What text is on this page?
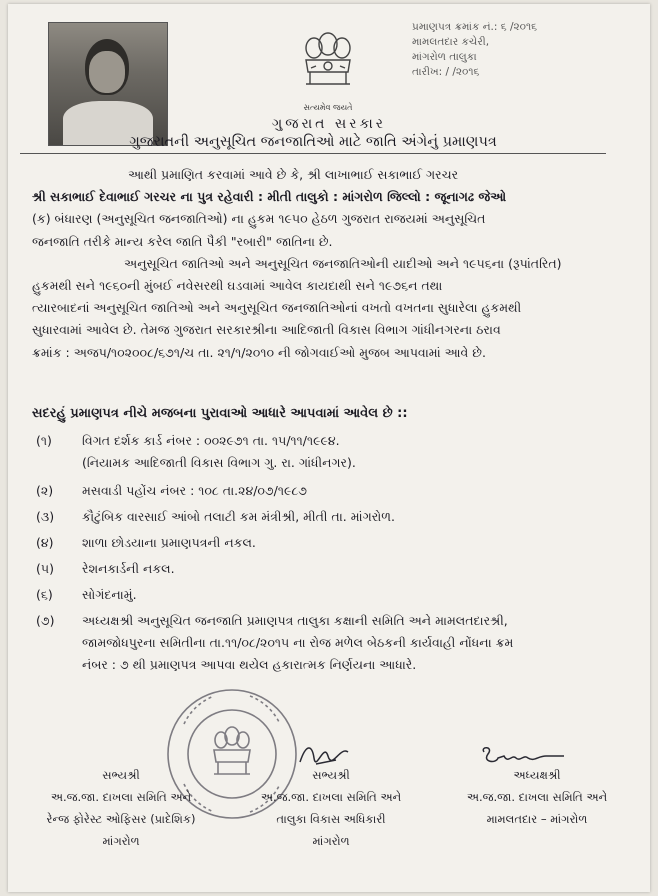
સત્યમેવ જયતે
પ્રમાણપત્ર ક્રમાંક નં.: ૬ /૨૦૧૬
મામલતદાર કચેરી,
માંગરોળ તાલુકા
તારીખ: / /૨૦૧૬
ગુજરાત સરકાર
ગુજરાતની અનુસૂચિત જનજાતિઓ માટે જાતિ અંગેનું પ્રમાણપત્ર
આથી પ્રમાણિત કરવામાં આવે છે કે, શ્રી લાખાભાઈ સકાભાઈ ગરચર
શ્રી સકાભાઈ દેવાભાઈ ગરચર ના પુત્ર રહેવારી : મીતી તાલુકો : માંગરોળ જિલ્લો : જૂનાગઢ જેઓ
(ક) બંધારણ (અનુસૂચિત જનજાતિઓ) ના હુકમ ૧૯૫૦ હેઠળ ગુજરાત રાજયમાં અનુસૂચિત
જનજાતિ તરીકે માન્ય કરેલ જાતિ પૈકી "રબારી" જાતિના છે.
અનુસૂચિત જાતિઓ અને અનુસૂચિત જનજાતિઓની યાદીઓ અને ૧૯૫૬ના (રૂપાંતરિત)
હુકમથી સને ૧૯૬૦ની મુંબઈ નવેસરથી ઘડવામાં આવેલ કાયદાથી સને ૧૯૭૬ન તથા
ત્યારબાદનાં અનુસૂચિત જાતિઓ અને અનુસૂચિત જનજાતિઓનાં વખતો વખતના સુધારેલા હુકમથી
સુધારવામાં આવેલ છે. તેમજ ગુજરાત સરકારશ્રીના આદિજાતી વિકાસ વિભાગ ગાંધીનગરના ઠરાવ
ક્રમાંક : અજપ/૧૦૨૦૦૮/૬૭૧/ચ તા. ૨૧/૧/૨૦૧૦ ની જોગવાઈઓ મુજબ આપવામાં આવે છે.
સદરહું પ્રમાણપત્ર નીચે મજબના પુરાવાઓ આધારે આપવામાં આવેલ છે ::
(૧) વિગત દર્શક કાર્ડ નંબર : ૦૦૨૯૭૧ તા. ૧૫/૧૧/૧૯૯૪.
(નિયામક આદિજાતી વિકાસ વિભાગ ગુ. રા. ગાંધીનગર).
(૨) મસવાડી પહોંચ નંબર : ૧૦૮ તા.૨૪/૦૭/૧૯૮૭
(૩) કૌટુંબિક વારસાઈ આંબો તલાટી કમ મંત્રીશ્રી, મીતી તા. માંગરોળ.
(૪) શાળા છોડયાના પ્રમાણપત્રની નકલ.
(૫) રેશનકાર્ડની નકલ.
(૬) સોગંદનામું.
(૭) અધ્યક્ષશ્રી અનુસૂચિત જનજાતિ પ્રમાણપત્ર તાલુકા કક્ષાની સમિતિ અને મામલતદારશ્રી,
જામજોધપુરના સમિતીના તા.૧૧/૦૮/૨૦૧૫ ના રોજ મળેલ બેઠકની કાર્યવાહી નોંધના ક્રમ
નંબર : ૭ થી પ્રમાણપત્ર આપવા થયેલ હકારાત્મક નિર્ણયના આધારે.
સભ્યશ્રી
અ.જ.જા. દાખલા સમિતિ અને
રેન્જ ફોરેસ્ટ ઓફિસર (પ્રાદેશિક)
માંગરોળ
સભ્યશ્રી
અ.જ.જા. દાખલા સમિતિ અને
તાલુકા વિકાસ અધિકારી
માંગરોળ
અધ્યક્ષશ્રી
અ.જ.જા. દાખલા સમિતિ અને
મામલતદાર – માંગરોળ
